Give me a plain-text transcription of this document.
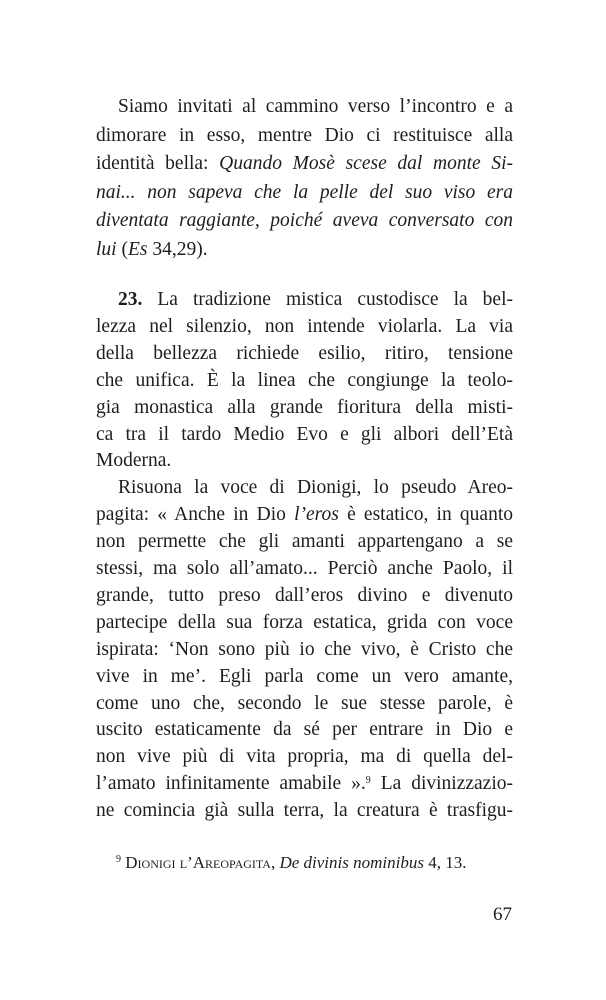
Siamo invitati al cammino verso l’incontro e a
dimorare in esso, mentre Dio ci restituisce alla
identità bella: Quando Mosè scese dal monte Si-
nai... non sapeva che la pelle del suo viso era
diventata raggiante, poiché aveva conversato con
lui (Es 34,29).
23. La tradizione mistica custodisce la bel-
lezza nel silenzio, non intende violarla. La via
della bellezza richiede esilio, ritiro, tensione
che unifica. È la linea che congiunge la teolo-
gia monastica alla grande fioritura della misti-
ca tra il tardo Medio Evo e gli albori dell’Età
Moderna.
Risuona la voce di Dionigi, lo pseudo Areo-
pagita: « Anche in Dio l’eros è estatico, in quanto
non permette che gli amanti appartengano a se
stessi, ma solo all’amato... Perciò anche Paolo, il
grande, tutto preso dall’eros divino e divenuto
partecipe della sua forza estatica, grida con voce
ispirata: ‘Non sono più io che vivo, è Cristo che
vive in me’. Egli parla come un vero amante,
come uno che, secondo le sue stesse parole, è
uscito estaticamente da sé per entrare in Dio e
non vive più di vita propria, ma di quella del-
l’amato infinitamente amabile ».$^9$ La divinizzazio-
ne comincia già sulla terra, la creatura è trasfigu-
$^9$ Dionigi l’Areopagita, De divinis nominibus 4, 13.
67
